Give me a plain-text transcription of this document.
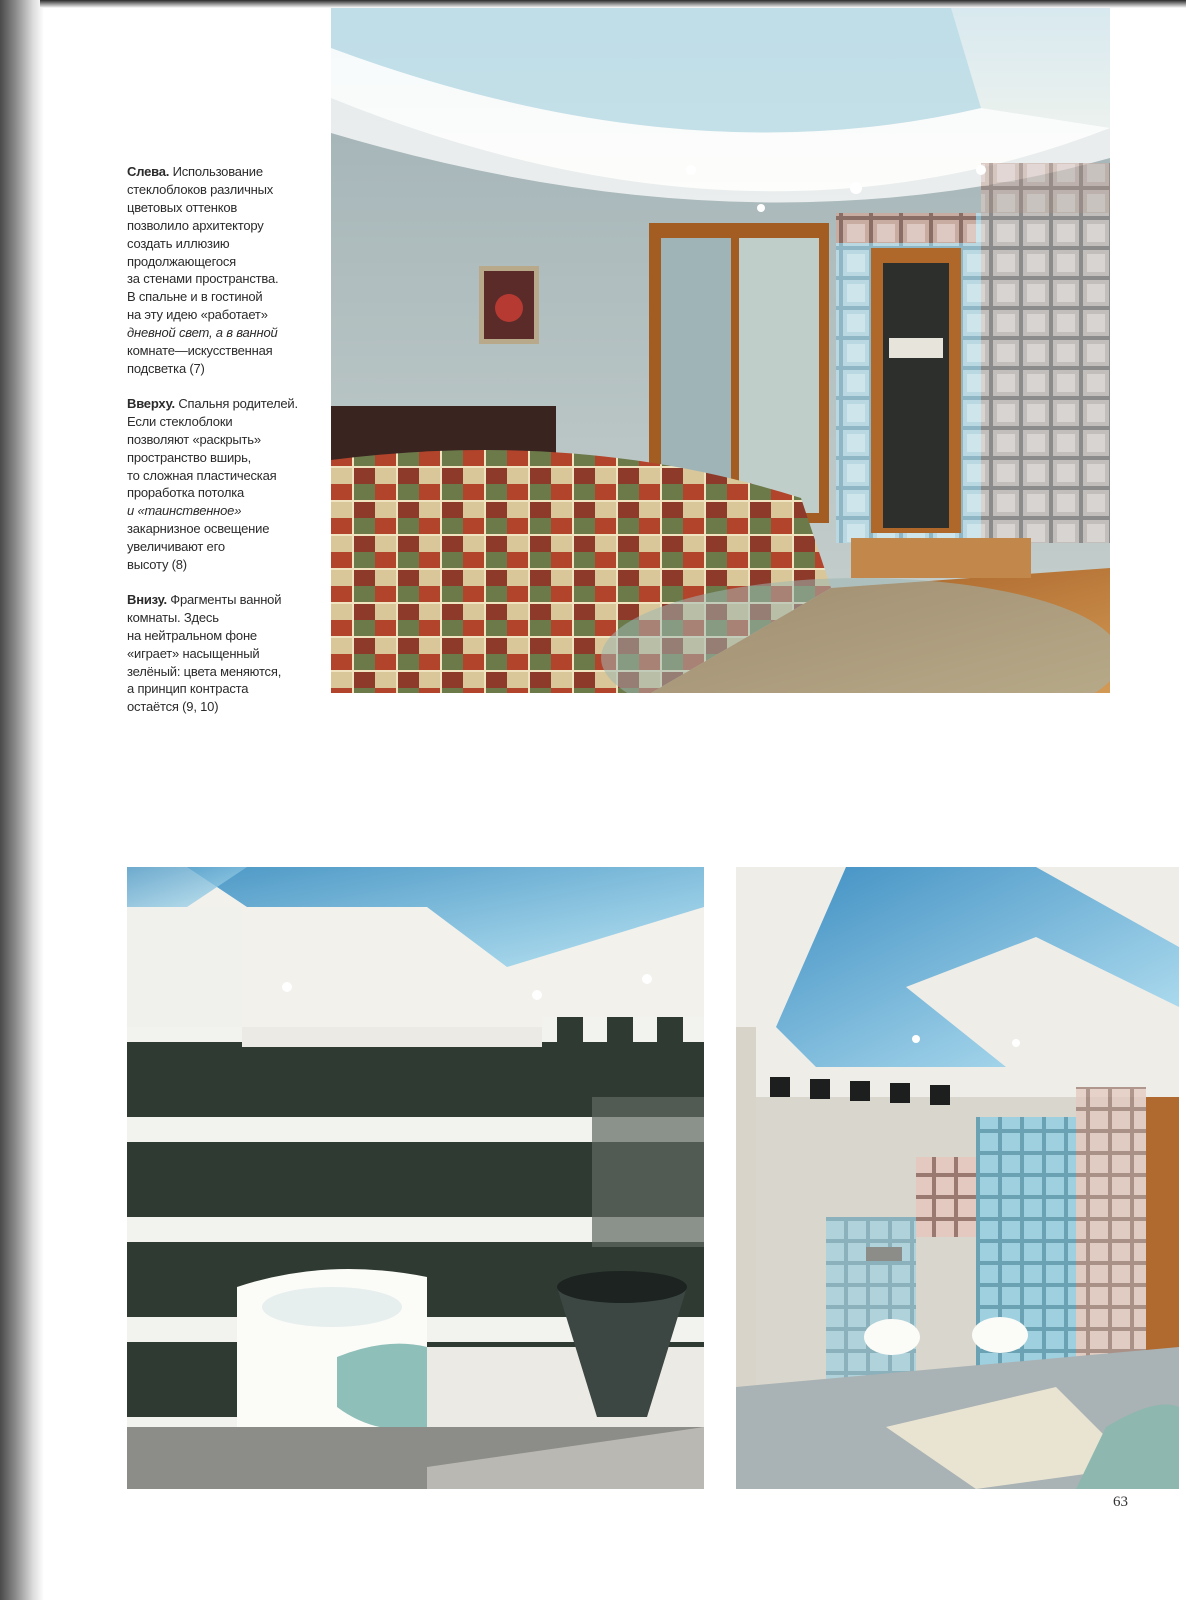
Слева. Использование
стеклоблоков различных
цветовых оттенков
позволило архитектору
создать иллюзию
продолжающегося
за стенами пространства.
В спальне и в гостиной
на эту идею «работает»
дневной свет, а в ванной
комнате—искусственная
подсветка (7)

Вверху. Спальня родителей.
Если стеклоблоки
позволяют «раскрыть»
пространство вширь,
то сложная пластическая
проработка потолка
и «таинственное»
закарнизное освещение
увеличивают его
высоту (8)

Внизу. Фрагменты ванной
комнаты. Здесь
на нейтральном фоне
«играет» насыщенный
зелёный: цвета меняются,
а принцип контраста
остаётся (9, 10)

63
